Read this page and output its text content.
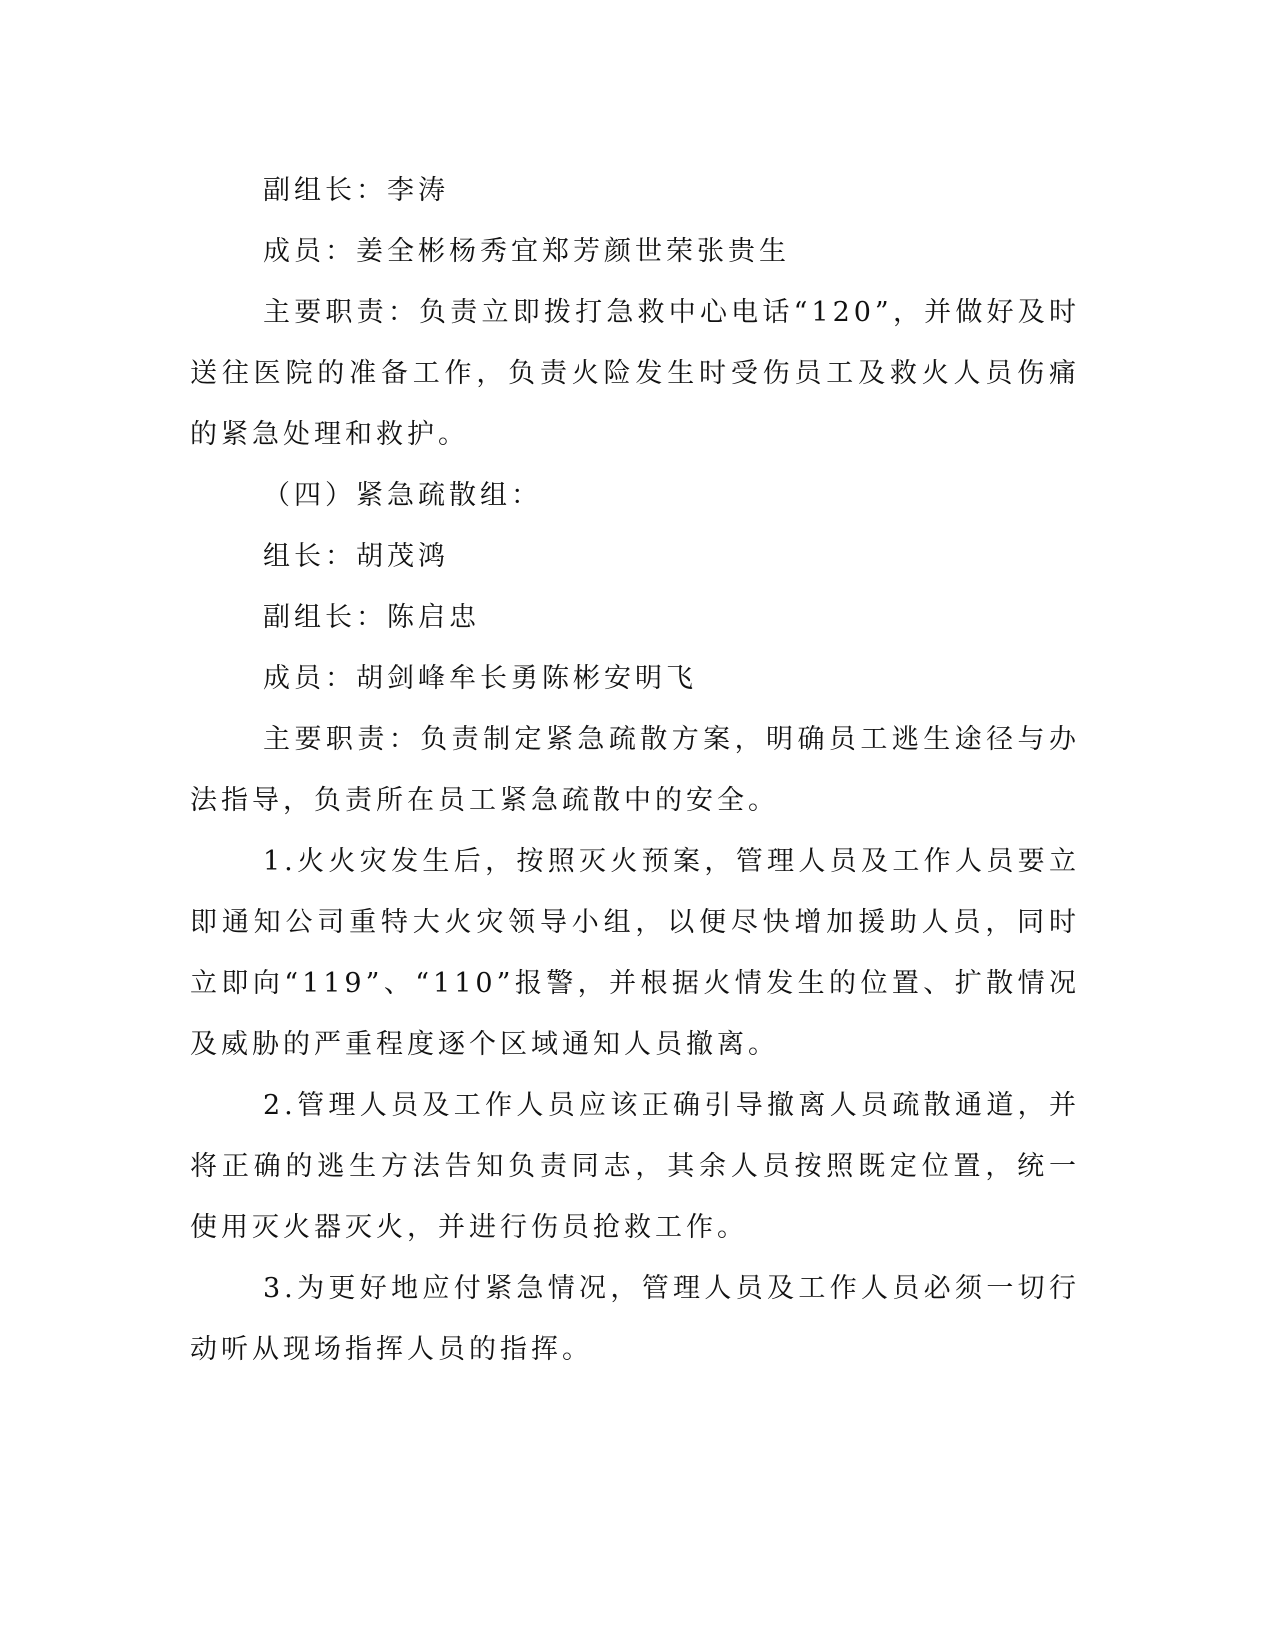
副组长：李涛

成员：姜全彬杨秀宜郑芳颜世荣张贵生

主要职责：负责立即拨打急救中心电话“120”，并做好及时送往医院的准备工作，负责火险发生时受伤员工及救火人员伤痛的紧急处理和救护。

（四）紧急疏散组：

组长：胡茂鸿

副组长：陈启忠

成员：胡剑峰牟长勇陈彬安明飞

主要职责：负责制定紧急疏散方案，明确员工逃生途径与办法指导，负责所在员工紧急疏散中的安全。

1.火火灾发生后，按照灭火预案，管理人员及工作人员要立即通知公司重特大火灾领导小组，以便尽快增加援助人员，同时立即向“119”、“110”报警，并根据火情发生的位置、扩散情况及威胁的严重程度逐个区域通知人员撤离。

2.管理人员及工作人员应该正确引导撤离人员疏散通道，并将正确的逃生方法告知负责同志，其余人员按照既定位置，统一使用灭火器灭火，并进行伤员抢救工作。

3.为更好地应付紧急情况，管理人员及工作人员必须一切行动听从现场指挥人员的指挥。
